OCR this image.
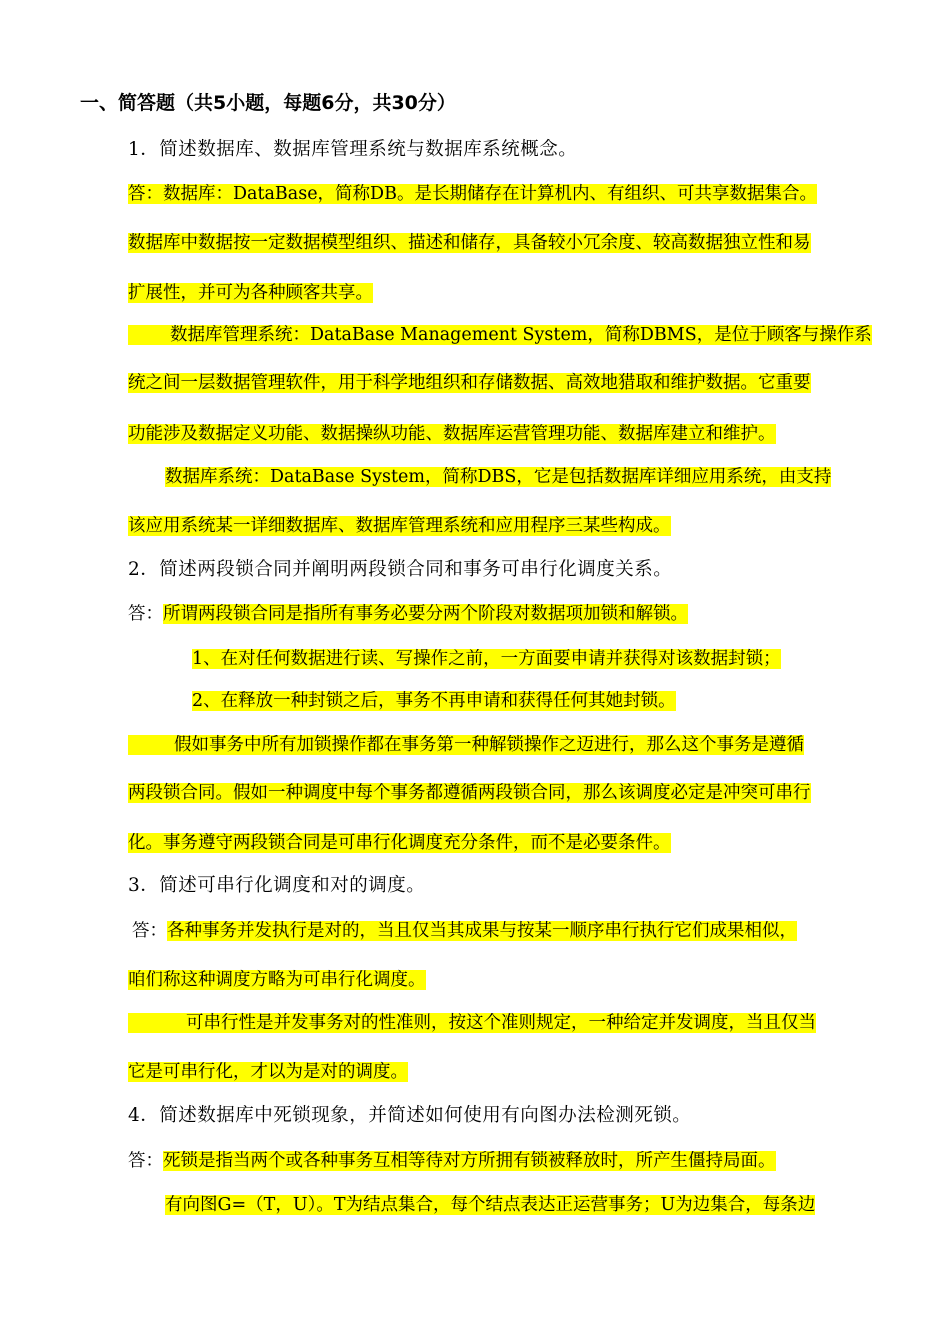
一、简答题（共5小题，每题6分，共30分）
1．简述数据库、数据库管理系统与数据库系统概念。
答：数据库：DataBase，简称DB。是长期储存在计算机内、有组织、可共享数据集合。
数据库中数据按一定数据模型组织、描述和储存，具备较小冗余度、较高数据独立性和易
扩展性，并可为各种顾客共享。
数据库管理系统：DataBase Management System，简称DBMS，是位于顾客与操作系
统之间一层数据管理软件，用于科学地组织和存储数据、高效地猎取和维护数据。它重要
功能涉及数据定义功能、数据操纵功能、数据库运营管理功能、数据库建立和维护。
数据库系统：DataBase System，简称DBS，它是包括数据库详细应用系统，由支持
该应用系统某一详细数据库、数据库管理系统和应用程序三某些构成。
2．简述两段锁合同并阐明两段锁合同和事务可串行化调度关系。
答：所谓两段锁合同是指所有事务必要分两个阶段对数据项加锁和解锁。
1、在对任何数据进行读、写操作之前，一方面要申请并获得对该数据封锁；
2、在释放一种封锁之后，事务不再申请和获得任何其她封锁。
假如事务中所有加锁操作都在事务第一种解锁操作之迈进行，那么这个事务是遵循
两段锁合同。假如一种调度中每个事务都遵循两段锁合同，那么该调度必定是冲突可串行
化。事务遵守两段锁合同是可串行化调度充分条件，而不是必要条件。
3．简述可串行化调度和对的调度。
答：各种事务并发执行是对的，当且仅当其成果与按某一顺序串行执行它们成果相似，
咱们称这种调度方略为可串行化调度。
可串行性是并发事务对的性准则，按这个准则规定，一种给定并发调度，当且仅当
它是可串行化，才以为是对的调度。
4．简述数据库中死锁现象，并简述如何使用有向图办法检测死锁。
答：死锁是指当两个或各种事务互相等待对方所拥有锁被释放时，所产生僵持局面。
有向图G=（T，U）。T为结点集合，每个结点表达正运营事务；U为边集合，每条边
